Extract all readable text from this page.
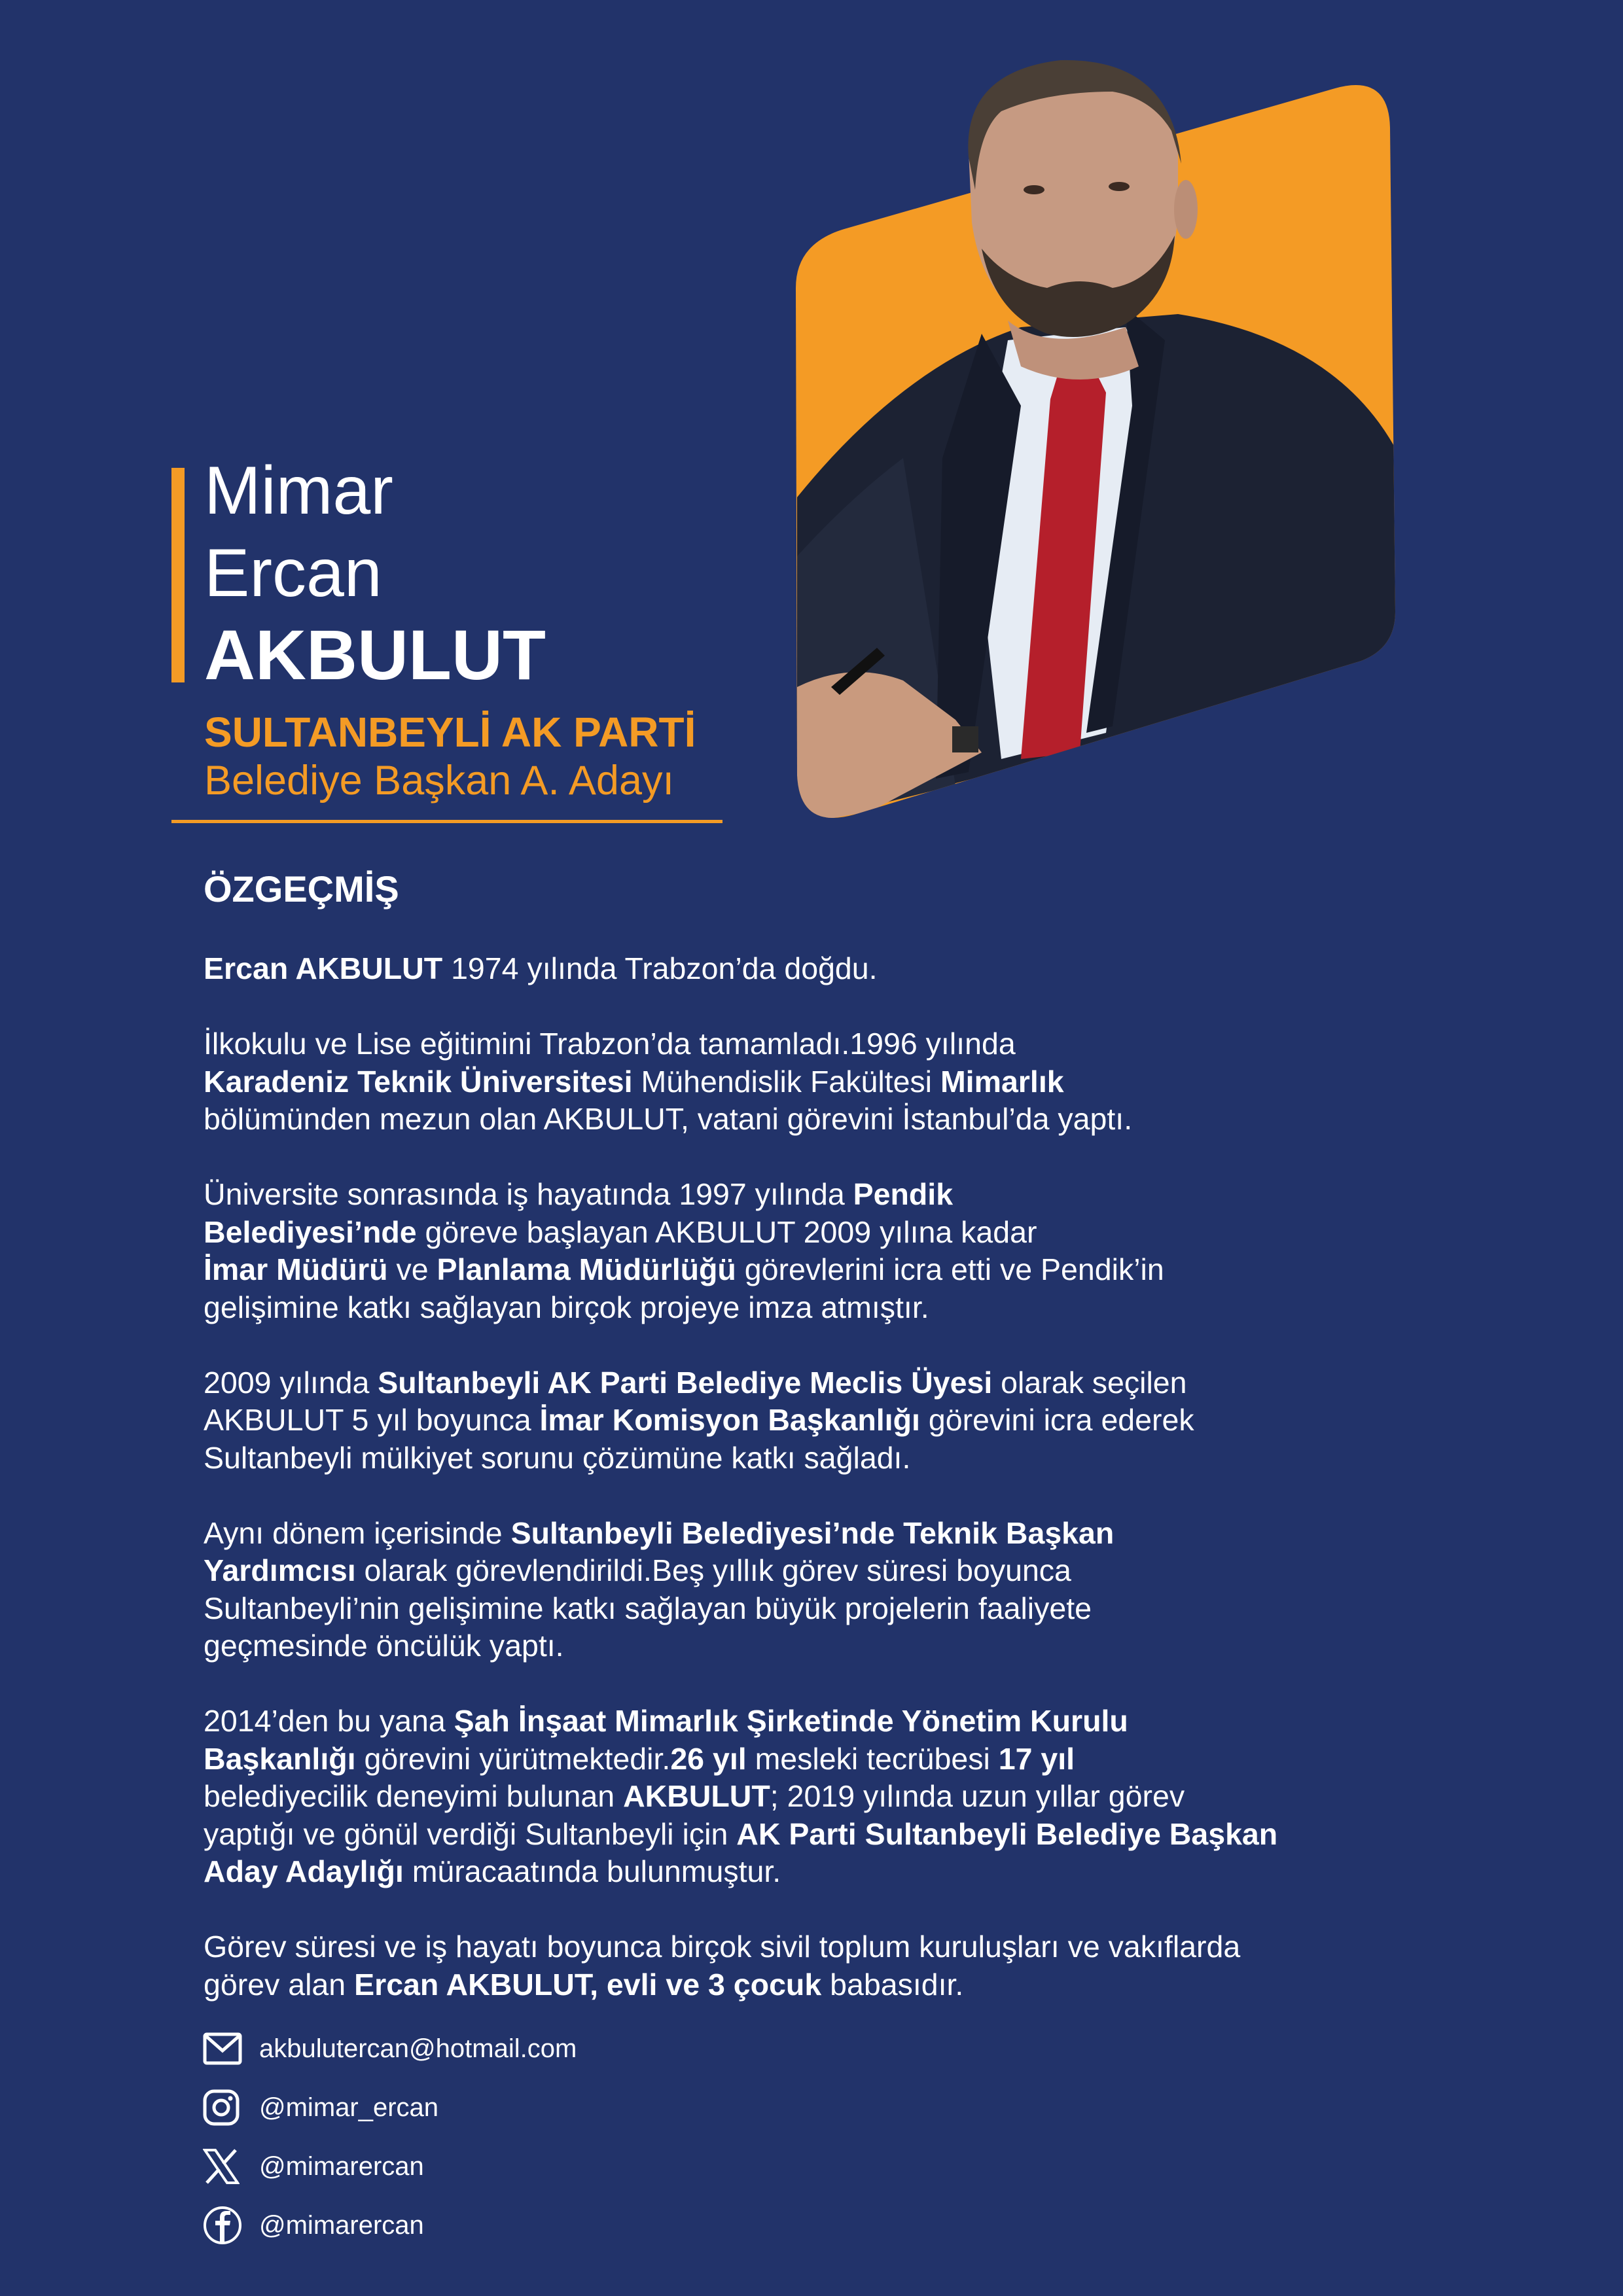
Mimar
Ercan
AKBULUT
SULTANBEYLİ AK PARTİ
Belediye Başkan A. Adayı
ÖZGEÇMİŞ
Ercan AKBULUT 1974 yılında Trabzon’da doğdu.
İlkokulu ve Lise eğitimini Trabzon’da tamamladı.1996 yılında
Karadeniz Teknik Üniversitesi Mühendislik Fakültesi Mimarlık
bölümünden mezun olan AKBULUT, vatani görevini İstanbul’da yaptı.
Üniversite sonrasında iş hayatında 1997 yılında Pendik
Belediyesi’nde göreve başlayan AKBULUT 2009 yılına kadar
İmar Müdürü ve Planlama Müdürlüğü görevlerini icra etti ve Pendik’in
gelişimine katkı sağlayan birçok projeye imza atmıştır.
2009 yılında Sultanbeyli AK Parti Belediye Meclis Üyesi olarak seçilen
AKBULUT 5 yıl boyunca İmar Komisyon Başkanlığı görevini icra ederek
Sultanbeyli mülkiyet sorunu çözümüne katkı sağladı.
Aynı dönem içerisinde Sultanbeyli Belediyesi’nde Teknik Başkan
Yardımcısı olarak görevlendirildi.Beş yıllık görev süresi boyunca
Sultanbeyli’nin gelişimine katkı sağlayan büyük projelerin faaliyete
geçmesinde öncülük yaptı.
2014’den bu yana Şah İnşaat Mimarlık Şirketinde Yönetim Kurulu
Başkanlığı görevini yürütmektedir.26 yıl mesleki tecrübesi 17 yıl
belediyecilik deneyimi bulunan AKBULUT; 2019 yılında uzun yıllar görev
yaptığı ve gönül verdiği Sultanbeyli için AK Parti Sultanbeyli Belediye Başkan
Aday Adaylığı müracaatında bulunmuştur.
Görev süresi ve iş hayatı boyunca birçok sivil toplum kuruluşları ve vakıflarda
görev alan Ercan AKBULUT, evli ve 3 çocuk babasıdır.
akbulutercan@hotmail.com
@mimar_ercan
@mimarercan
@mimarercan
